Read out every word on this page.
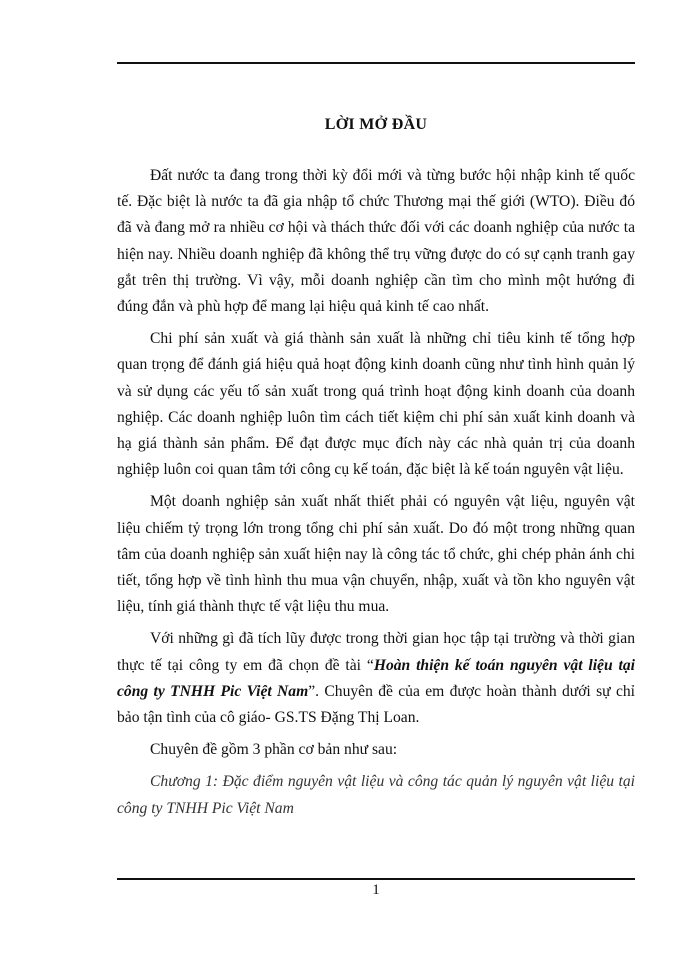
LỜI MỞ ĐẦU

Đất nước ta đang trong thời kỳ đổi mới và từng bước hội nhập kinh tế quốc tế. Đặc biệt là nước ta đã gia nhập tổ chức Thương mại thế giới (WTO). Điều đó đã và đang mở ra nhiều cơ hội và thách thức đối với các doanh nghiệp của nước ta hiện nay. Nhiều doanh nghiệp đã không thể trụ vững được do có sự cạnh tranh gay gắt trên thị trường. Vì vậy, mỗi doanh nghiệp cần tìm cho mình một hướng đi đúng đắn và phù hợp để mang lại hiệu quả kinh tế cao nhất.

Chi phí sản xuất và giá thành sản xuất là những chỉ tiêu kinh tế tổng hợp quan trọng để đánh giá hiệu quả hoạt động kinh doanh cũng như tình hình quản lý và sử dụng các yếu tố sản xuất trong quá trình hoạt động kinh doanh của doanh nghiệp. Các doanh nghiệp luôn tìm cách tiết kiệm chi phí sản xuất kinh doanh và hạ giá thành sản phẩm. Để đạt được mục đích này các nhà quản trị của doanh nghiệp luôn coi quan tâm tới công cụ kế toán, đặc biệt là kế toán nguyên vật liệu.

Một doanh nghiệp sản xuất nhất thiết phải có nguyên vật liệu, nguyên vật liệu chiếm tỷ trọng lớn trong tổng chi phí sản xuất. Do đó một trong những quan tâm của doanh nghiệp sản xuất hiện nay là công tác tổ chức, ghi chép phản ánh chi tiết, tổng hợp về tình hình thu mua vận chuyển, nhập, xuất và tồn kho nguyên vật liệu, tính giá thành thực tế vật liệu thu mua.

Với những gì đã tích lũy được trong thời gian học tập tại trường và thời gian thực tế tại công ty em đã chọn đề tài “Hoàn thiện kế toán nguyên vật liệu tại công ty TNHH Pic Việt Nam”. Chuyên đề của em được hoàn thành dưới sự chỉ bảo tận tình của cô giáo- GS.TS Đặng Thị Loan.

Chuyên đề gồm 3 phần cơ bản như sau:

Chương 1: Đặc điểm nguyên vật liệu và công tác quản lý nguyên vật liệu tại công ty TNHH Pic Việt Nam

1
